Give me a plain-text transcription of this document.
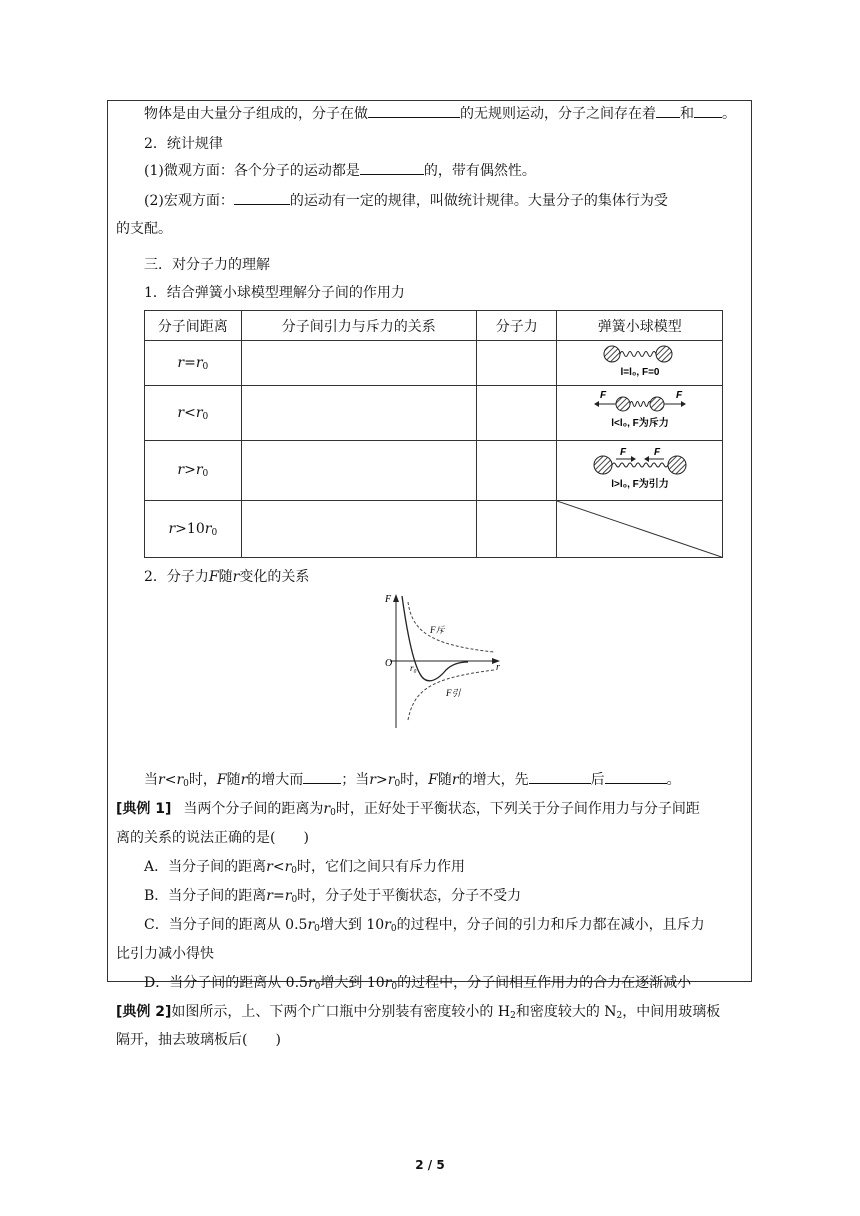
物体是由大量分子组成的，分子在做	的无规则运动，分子之间存在着 和 。
2．统计规律
(1)微观方面：各个分子的运动都是	的，带有偶然性。
(2)宏观方面：	的运动有一定的规律，叫做统计规律。大量分子的集体行为受
的支配。
三．对分子力的理解
1．结合弹簧小球模型理解分子间的作用力
分子间距离	分子间引力与斥力的关系	分子力	弹簧小球模型
$r=r_0$			l=l₀, F=0

$r<r_0$			F F
l<l₀, F为斥力

$r>r_0$			F F
l>l₀, F为引力

$r>10r_0$			
2．分子力F随r变化的关系
F
r
O r₀
F斥
F引
当$r<r_0$时，F随r的增大而	；当$r>r_0$时，F随r的增大，先	后	。
[典例 1] 当两个分子间的距离为$r_0$时，正好处于平衡状态，下列关于分子间作用力与分子间距
离的关系的说法正确的是(　　)
A．当分子间的距离$r<r_0$时，它们之间只有斥力作用
B．当分子间的距离$r=r_0$时，分子处于平衡状态，分子不受力
C．当分子间的距离从 $0.5r_0$增大到 $10r_0$的过程中，分子间的引力和斥力都在减小，且斥力
比引力减小得快
D．当分子间的距离从 $0.5r_0$增大到 $10r_0$的过程中，分子间相互作用力的合力在逐渐减小
[典例 2]如图所示，上、下两个广口瓶中分别装有密度较小的 $H_2$和密度较大的 $N_2$，中间用玻璃板
隔开，抽去玻璃板后(　　)
2 / 5
